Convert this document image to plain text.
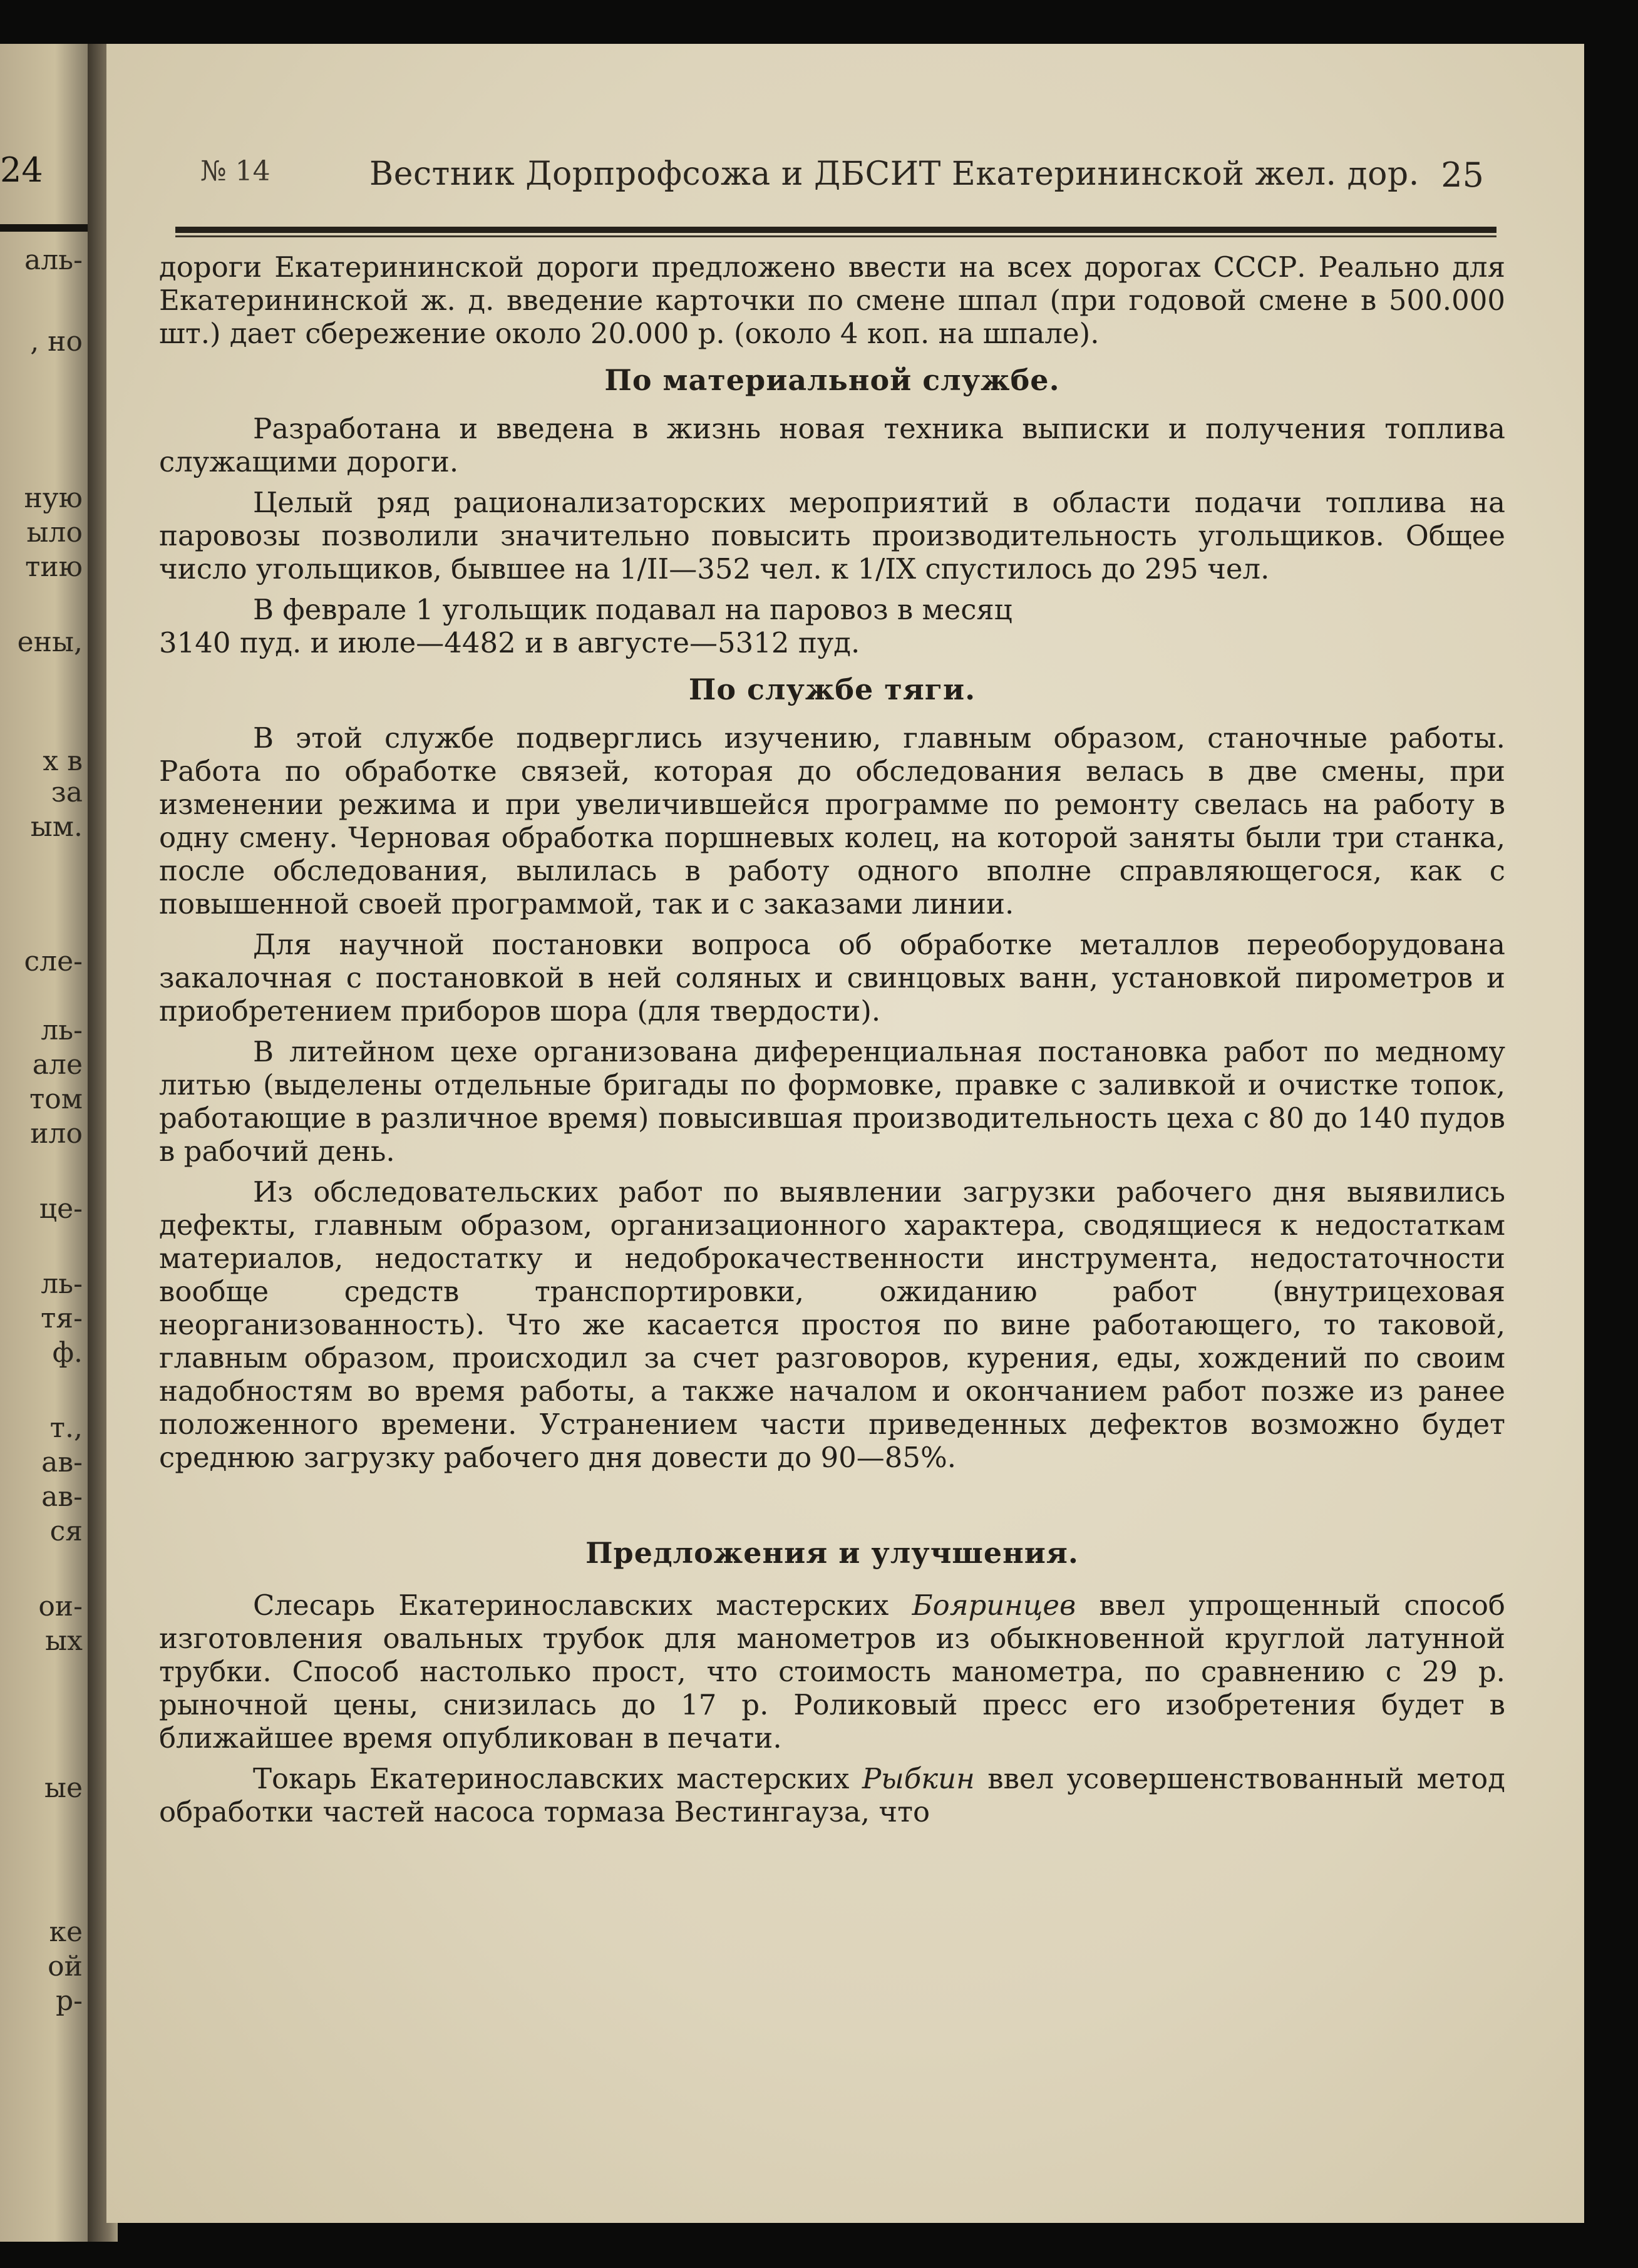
24
аль-
, но
ную
ыло
тию
ены,
х в
за
ым.
сле-
ль-
але
том
ило
це-
ль-
тя-
ф.
т.,
ав-
ав-
ся
ои-
ых
ые
ке
ой
р-
№ 14	Вестник Дорпрофсожа и ДБСИТ Екатерининской жел. дор. 25

дороги Екатерининской дороги предложено ввести на всех дорогах СССР. Реально для Екатерининской ж. д. введение карточки по смене шпал (при годовой смене в 500.000 шт.) дает сбережение около 20.000 р. (около 4 коп. на шпале).

По материальной службе.

Разработана и введена в жизнь новая техника выписки и получения топлива служащими дороги.

Целый ряд рационализаторских мероприятий в области подачи топлива на паровозы позволили значительно повысить производительность угольщиков. Общее число угольщиков, бывшее на 1/II—352 чел. к 1/IX спустилось до 295 чел.

В феврале 1 угольщик подавал на паровоз в месяц
3140 пуд. и июле—4482 и в августе—5312 пуд.

По службе тяги.

В этой службе подверглись изучению, главным образом, станочные работы. Работа по обработке связей, которая до обследования велась в две смены, при изменении режима и при увеличившейся программе по ремонту свелась на работу в одну смену. Черновая обработка поршневых колец, на которой заняты были три станка, после обследования, вылилась в работу одного вполне справляющегося, как с повышенной своей программой, так и с заказами линии.

Для научной постановки вопроса об обработке металлов переоборудована закалочная с постановкой в ней соляных и свинцовых ванн, установкой пирометров и приобретением приборов шора (для твердости).

В литейном цехе организована диференциальная постановка работ по медному литью (выделены отдельные бригады по формовке, правке с заливкой и очистке топок, работающие в различное время) повысившая производительность цеха с 80 до 140 пудов в рабочий день.

Из обследовательских работ по выявлении загрузки рабочего дня выявились дефекты, главным образом, организационного характера, сводящиеся к недостаткам материалов, недостатку и недоброкачественности инструмента, недостаточности вообще средств транспортировки, ожиданию работ (внутрицеховая неорганизованность). Что же касается простоя по вине работающего, то таковой, главным образом, происходил за счет разговоров, курения, еды, хождений по своим надобностям во время работы, а также началом и окончанием работ позже из ранее положенного времени. Устранением части приведенных дефектов возможно будет среднюю загрузку рабочего дня довести до 90—85%.

Предложения и улучшения.

Слесарь Екатеринославских мастерских Бояринцев ввел упрощенный способ изготовления овальных трубок для манометров из обыкновенной круглой латунной трубки. Способ настолько прост, что стоимость манометра, по сравнению с 29 р. рыночной цены, снизилась до 17 р. Роликовый пресс его изобретения будет в ближайшее время опубликован в печати.

Токарь Екатеринославских мастерских Рыбкин ввел усовершенствованный метод обработки частей насоса тормаза Вестингауза, что
